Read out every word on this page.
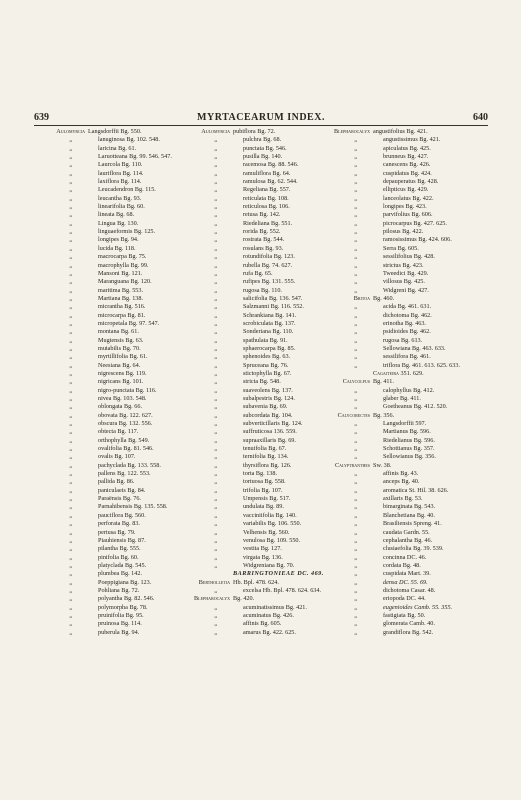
639	MYRTACEARUM INDEX.	640
Aulomyrcia Langsdorffii Bg. 550.
„	lanuginosa Bg. 102. 548.
„	laricina Bg. 61.
„	Laruotteana Bg. 99. 546. 547.
„	Laurcola Bg. 110.
„	lauriflora Bg. 114.
„	laxiflora Bg. 114.
„	Leucadendron Bg. 115.
„	leucantha Bg. 93.
„	linearifolia Bg. 60.
„	lineata Bg. 68.
„	Lingua Bg. 130.
„	linguaeformis Bg. 125.
„	longipes Bg. 94.
„	lucida Bg. 118.
„	macrocarpa Bg. 75.
„	macrophylla Bg. 99.
„	Mansoni Bg. 121.
„	Maranguana Bg. 120.
„	maritima Bg. 553.
„	Martiana Bg. 138.
„	micrantha Bg. 516.
„	microcarpa Bg. 81.
„	micropetala Bg. 97. 547.
„	montana Bg. 61.
„	Mugiensis Bg. 63.
„	mutabilis Bg. 70.
„	myrtillifolia Bg. 61.
„	Neesiana Bg. 64.
„	nigrescens Bg. 119.
„	nigricans Bg. 101.
„	nigro-punctata Bg. 116.
„	nivea Bg. 103. 548.
„	oblongata Bg. 66.
„	obovata Bg. 122. 627.
„	obscura Bg. 132. 556.
„	obtecta Bg. 117.
„	orthophylla Bg. 549.
„	ovalifolia Bg. 81. 546.
„	ovalis Bg. 107.
„	pachyclada Bg. 133. 558.
„	pallens Bg. 122. 553.
„	pallida Bg. 86.
„	paniculaeis Bg. 84.
„	Paraënsis Bg. 76.
„	Parnahibensis Bg. 135. 558.
„	pauciflora Bg. 560.
„	perforata Bg. 83.
„	pertusa Bg. 79.
„	Piauhiensis Bg. 87.
„	pilantha Bg. 555.
„	pinifolia Bg. 60.
„	platyclada Bg. 545.
„	plumbea Bg. 142.
„	Poeppigiana Bg. 123.
„	Pohliana Bg. 72.
„	polyantha Bg. 82. 546.
„	polymorpha Bg. 78.
„	pruinifolia Bg. 95.
„	pruinosa Bg. 114.
„	puberula Bg. 94.
Aulomyrcia pubiflora Bg. 72.
„	pulchra Bg. 68.
„	punctata Bg. 546.
„	pusilla Bg. 140.
„	racemosa Bg. 88. 546.
„	ramuliflora Bg. 64.
„	ramulosa Bg. 62. 544.
„	Regeliana Bg. 557.
„	reticulata Bg. 108.
„	reticulosa Bg. 106.
„	retusa Bg. 142.
„	Riedeliana Bg. 551.
„	rorida Bg. 552.
„	rostrata Bg. 544.
„	rosulans Bg. 93.
„	rotundifolia Bg. 123.
„	rubella Bg. 74. 627.
„	rufa Bg. 65.
„	rufipes Bg. 131. 555.
„	rugosa Bg. 110.
„	salicifolia Bg. 136. 547.
„	Salzmanni Bg. 116. 552.
„	Schrankiana Bg. 141.
„	scrobiculata Bg. 137.
„	Sonderiana Bg. 110.
„	spathulata Bg. 91.
„	sphaerocarpa Bg. 85.
„	sphenoides Bg. 63.
„	Spruceana Bg. 76.
„	stictophylla Bg. 67.
„	stricta Bg. 548.
„	suaveolens Bg. 137.
„	subalpestris Bg. 124.
„	subavenia Bg. 69.
„	subcordata Bg. 104.
„	subverticillaris Bg. 124.
„	suffruticosa 136. 559.
„	supraaxillaris Bg. 69.
„	tenuifolia Bg. 67.
„	ternifolia Bg. 134.
„	thyrsiflora Bg. 126.
„	torta Bg. 138.
„	tortuosa Bg. 558.
„	trifolia Bg. 107.
„	Umpensis Bg. 517.
„	undulata Bg. 89.
„	vacciniifolia Bg. 140.
„	variabilis Bg. 106. 550.
„	Velhensis Bg. 560.
„	venulosa Bg. 109. 550.
„	vestita Bg. 127.
„	virgata Bg. 136.
„	Widgreniana Bg. 70.
BARRINGTONIEAE DC. 469.
Bertholletia Hb. Bpl. 478. 624.
„	excelsa Hb. Bpl. 478. 624. 634.
Blepharocalyx Bg. 420.
„	acuminatissimus Bg. 421.
„	acuminatus Bg. 426.
„	affinis Bg. 605.
„	amarus Bg. 422. 625.
Blepharocalyx angustifolius Bg. 421.
„	angustissimus Bg. 421.
„	apiculatus Bg. 425.
„	brunneus Bg. 427.
„	canescens Bg. 426.
„	cuspidatus Bg. 424.
„	depauperatus Bg. 428.
„	ellipticus Bg. 429.
„	lanceolatus Bg. 422.
„	longipes Bg. 423.
„	parvifolius Bg. 606.
„	picrocarpus Bg. 427. 625.
„	pilosus Bg. 422.
„	ramosissimus Bg. 424. 606.
„	Serra Bg. 605.
„	sessilifolius Bg. 428.
„	strictus Bg. 423.
„	Tweedici Bg. 429.
„	villosus Bg. 425.
„	Widgreni Bg. 427.
Britoa Bg. 460.
„	acida Bg. 461. 631.
„	dichotoma Bg. 462.
„	erinotha Bg. 463.
„	psidioides Bg. 462.
„	rugosa Bg. 613.
„	Sellowiana Bg. 463. 633.
„	sessilifora Bg. 461.
„	triflora Bg. 461. 613. 625. 633.
Cagaiteira 351. 629.
Calycolpus Bg. 411.
„	calophyllus Bg. 412.
„	glaber Bg. 411.
„	Goetheanus Bg. 412. 520.
Calycorectes Bg. 356.
„	Langsdorffii 597.
„	Martianus Bg. 596.
„	Riedelianus Bg. 596.
„	Schottianus Bg. 357.
„	Sellowianus Bg. 356.
Calyptranthes Sw. 38.
„	affinis Bg. 43.
„	anceps Bg. 40.
„	aromatica St. Hil. 38. 626.
„	axillaris Bg. 53.
„	bimarginata Bg. 543.
„	Blanchetiana Bg. 40.
„	Brasiliensis Spreng. 41.
„	caudata Gardn. 55.
„	cephalantha Bg. 46.
„	clusiaefolia Bg. 39. 539.
„	concinna DC. 46.
„	cordata Bg. 48.
„	cuspidata Mart. 39.
„	densa DC. 55. 69.
„	dichotoma Casar. 48.
„	eriopoda DC. 44.
„	eugenioides Camb. 55. 355.
„	fastigiata Bg. 50.
„	glomerata Camb. 40.
„	grandiflora Bg. 542.
